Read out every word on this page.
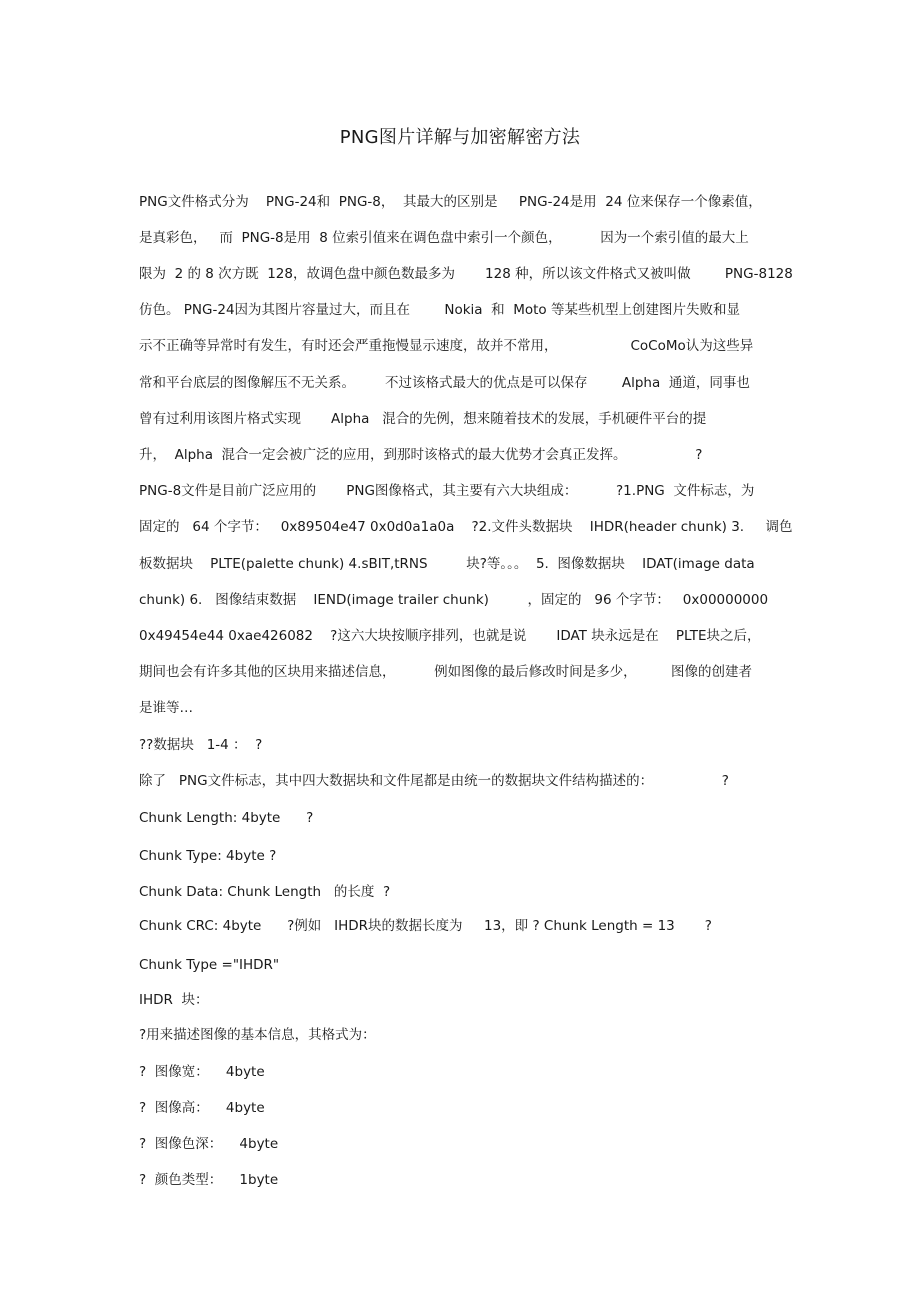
PNG图片详解与加密解密方法
PNG文件格式分为    PNG-24和  PNG-8，  其最大的区别是     PNG-24是用  24 位来保存一个像素值，
是真彩色，   而  PNG-8是用  8 位索引值来在调色盘中索引一个颜色，         因为一个索引值的最大上
限为  2 的 8 次方既  128，故调色盘中颜色数最多为       128 种，所以该文件格式又被叫做        PNG-8128
仿色。 PNG-24因为其图片容量过大，而且在        Nokia  和  Moto 等某些机型上创建图片失败和显
示不正确等异常时有发生，有时还会严重拖慢显示速度，故并不常用，                 CoCoMo认为这些异
常和平台底层的图像解压不无关系。       不过该格式最大的优点是可以保存        Alpha  通道，同事也
曾有过利用该图片格式实现       Alpha   混合的先例，想来随着技术的发展，手机硬件平台的提
升，  Alpha  混合一定会被广泛的应用，到那时该格式的最大优势才会真正发挥。                ?
PNG-8文件是目前广泛应用的       PNG图像格式，其主要有六大块组成：         ?1.PNG  文件标志，为
固定的   64 个字节：   0x89504e47 0x0d0a1a0a    ?2.文件头数据块    IHDR(header chunk) 3.     调色
板数据块    PLTE(palette chunk) 4.sBIT,tRNS         块?等。。。  5.  图像数据块    IDAT(image data
chunk) 6.   图像结束数据    IEND(image trailer chunk)         ，固定的   96 个字节：   0x00000000
0x49454e44 0xae426082    ?这六大块按顺序排列，也就是说       IDAT 块永远是在    PLTE块之后，
期间也会有许多其他的区块用来描述信息，         例如图像的最后修改时间是多少，        图像的创建者
是谁等…
??数据块   1-4 ：  ?
除了   PNG文件标志，其中四大数据块和文件尾都是由统一的数据块文件结构描述的：                ?
Chunk Length: 4byte      ?
Chunk Type: 4byte ?
Chunk Data: Chunk Length   的长度  ?
Chunk CRC: 4byte      ?例如   IHDR块的数据长度为     13，即 ? Chunk Length = 13       ?
Chunk Type ="IHDR"
IHDR  块：
?用来描述图像的基本信息，其格式为：
?  图像宽：    4byte
?  图像高：    4byte
?  图像色深：    4byte
?  颜色类型：    1byte
